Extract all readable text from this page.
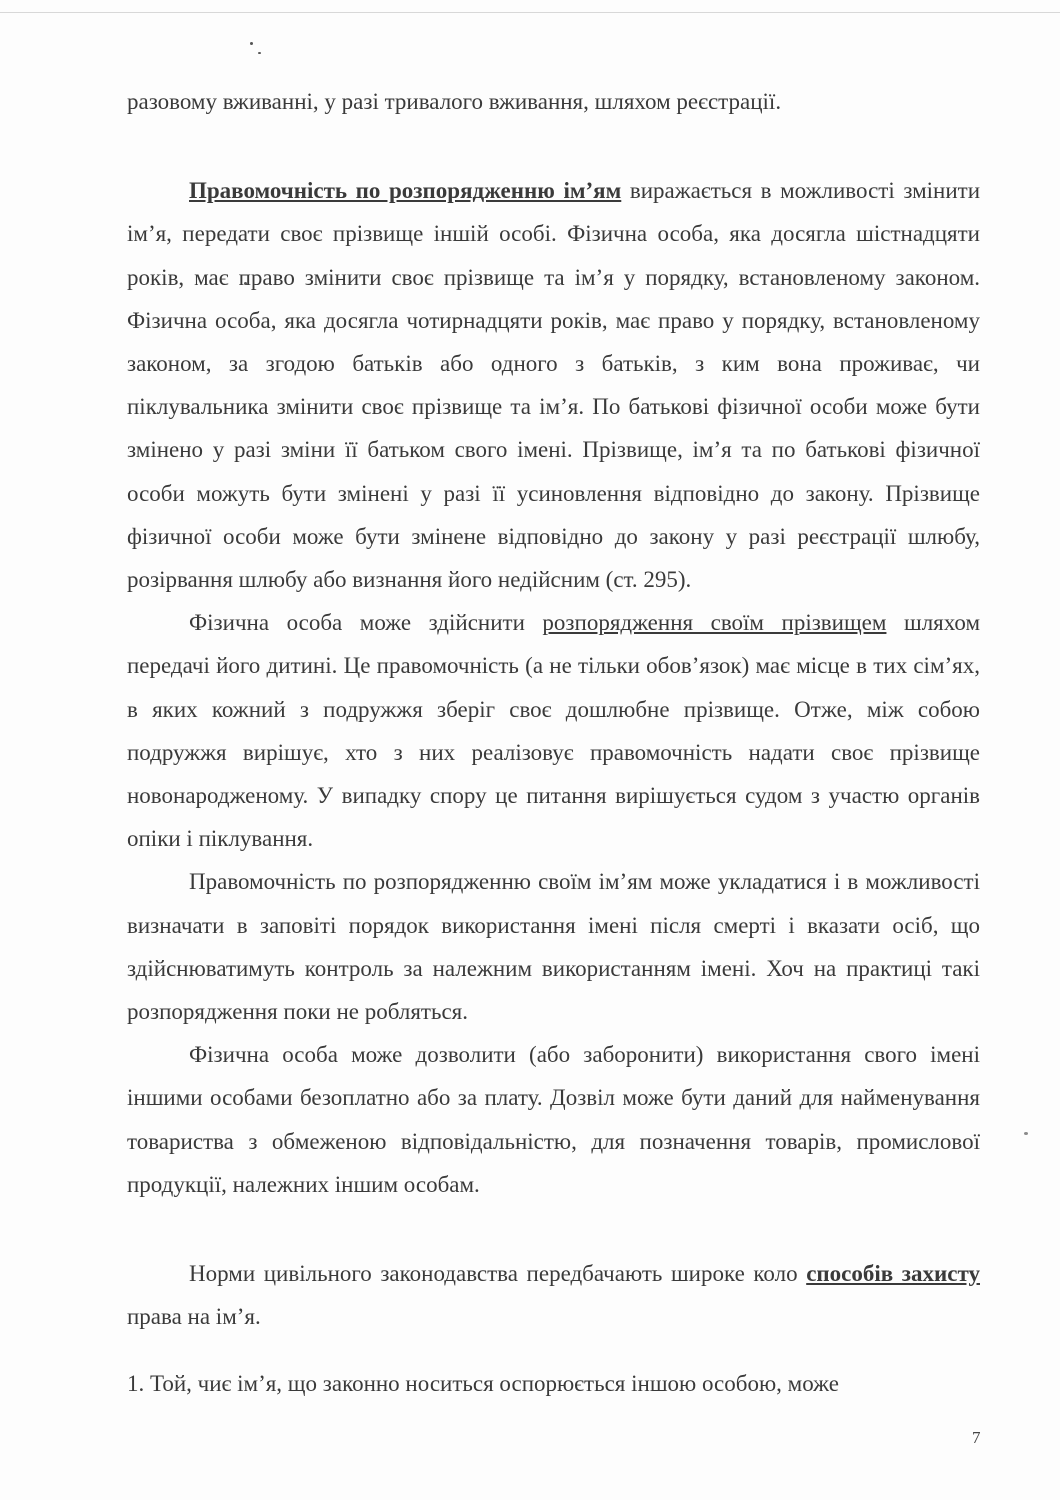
разовому вживанні, у разі тривалого вживання, шляхом реєстрації.

Правомочність по розпорядженню ім’ям виражається в можливості змінити ім’я, передати своє прізвище іншій особі. Фізична особа, яка досягла шістнадцяти років, має право змінити своє прізвище та ім’я у порядку, встановленому законом. Фізична особа, яка досягла чотирнадцяти років, має право у порядку, встановленому законом, за згодою батьків або одного з батьків, з ким вона проживає, чи піклувальника змінити своє прізвище та ім’я. По батькові фізичної особи може бути змінено у разі зміни її батьком свого імені. Прізвище, ім’я та по батькові фізичної особи можуть бути змінені у разі її усиновлення відповідно до закону. Прізвище фізичної особи може бути змінене відповідно до закону у разі реєстрації шлюбу, розірвання шлюбу або визнання його недійсним (ст. 295).

Фізична особа може здійснити розпорядження своїм прізвищем шляхом передачі його дитині. Це правомочність (а не тільки обов’язок) має місце в тих сім’ях, в яких кожний з подружжя зберіг своє дошлюбне прізвище. Отже, між собою подружжя вирішує, хто з них реалізовує правомочність надати своє прізвище новонародженому. У випадку спору це питання вирішується судом з участю органів опіки і піклування.

Правомочність по розпорядженню своїм ім’ям може укладатися і в можливості визначати в заповіті порядок використання імені після смерті і вказати осіб, що здійснюватимуть контроль за належним використанням імені. Хоч на практиці такі розпорядження поки не робляться.

Фізична особа може дозволити (або заборонити) використання свого імені іншими особами безоплатно або за плату. Дозвіл може бути даний для найменування товариства з обмеженою відповідальністю, для позначення товарів, промислової продукції, належних іншим особам.

Норми цивільного законодавства передбачають широке коло способів захисту права на ім’я.

1. Той, чиє ім’я, що законно носиться оспорюється іншою особою, може

7
